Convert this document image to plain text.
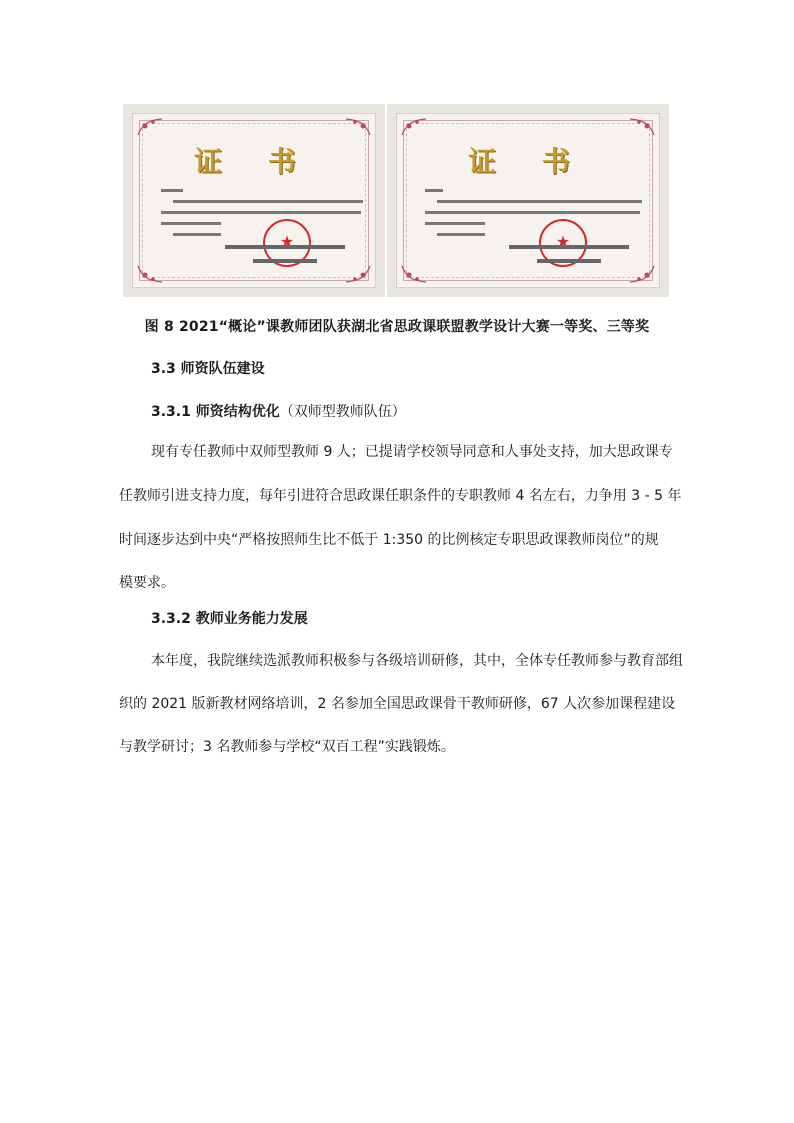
证 书
★	证 书
★
图 8 2021“概论”课教师团队获湖北省思政课联盟教学设计大赛一等奖、三等奖
3.3 师资队伍建设
3.3.1 师资结构优化（双师型教师队伍）
现有专任教师中双师型教师 9 人；已提请学校领导同意和人事处支持，加大思政课专
任教师引进支持力度，每年引进符合思政课任职条件的专职教师 4 名左右，力争用 3 - 5 年
时间逐步达到中央“严格按照师生比不低于 1:350 的比例核定专职思政课教师岗位”的规
模要求。
3.3.2 教师业务能力发展
本年度，我院继续选派教师积极参与各级培训研修，其中，全体专任教师参与教育部组
织的 2021 版新教材网络培训，2 名参加全国思政课骨干教师研修，67 人次参加课程建设
与教学研讨；3 名教师参与学校“双百工程”实践锻炼。
